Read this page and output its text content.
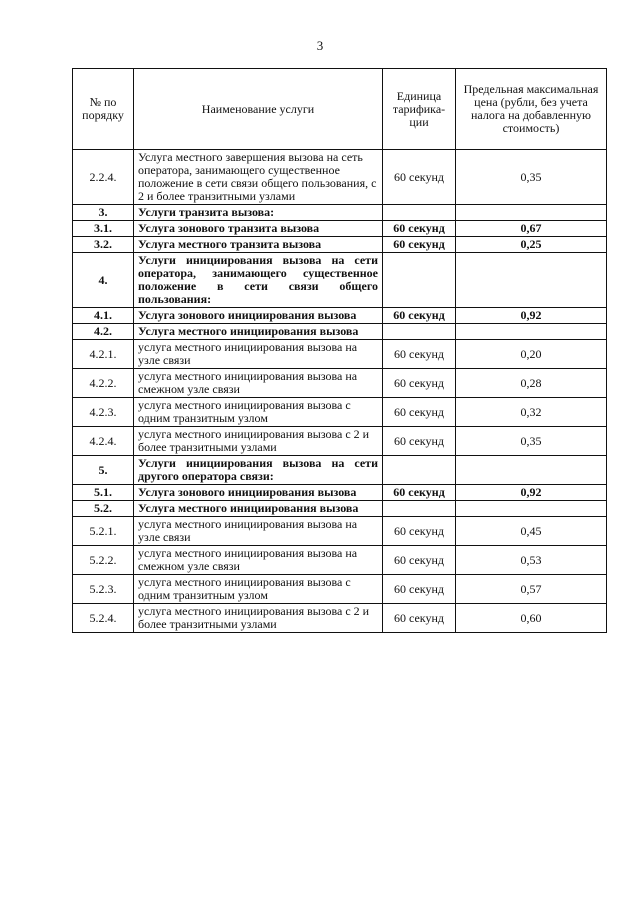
3
№ по порядку	Наименование услуги	Единица тарифика-ции	Предельная максимальная цена (рубли, без учета налога на добавленную стоимость)
2.2.4.	Услуга местного завершения вызова на сеть оператора, занимающего существенное положение в сети связи общего пользования, с 2 и более транзитными узлами	60 секунд	0,35
3.	Услуги транзита вызова:		
3.1.	Услуга зонового транзита вызова	60 секунд	0,67
3.2.	Услуга местного транзита вызова	60 секунд	0,25
4.	Услуги инициирования вызова на сети оператора, занимающего существенное положение в сети связи общего пользования:		
4.1.	Услуга зонового инициирования вызова	60 секунд	0,92
4.2.	Услуга местного инициирования вызова		
4.2.1.	услуга местного инициирования вызова на узле связи	60 секунд	0,20
4.2.2.	услуга местного инициирования вызова на смежном узле связи	60 секунд	0,28
4.2.3.	услуга местного инициирования вызова с одним транзитным узлом	60 секунд	0,32
4.2.4.	услуга местного инициирования вызова с 2 и более транзитными узлами	60 секунд	0,35
5.	Услуги инициирования вызова на сети другого оператора связи:		
5.1.	Услуга зонового инициирования вызова	60 секунд	0,92
5.2.	Услуга местного инициирования вызова		
5.2.1.	услуга местного инициирования вызова на узле связи	60 секунд	0,45
5.2.2.	услуга местного инициирования вызова на смежном узле связи	60 секунд	0,53
5.2.3.	услуга местного инициирования вызова с одним транзитным узлом	60 секунд	0,57
5.2.4.	услуга местного инициирования вызова с 2 и более транзитными узлами	60 секунд	0,60
